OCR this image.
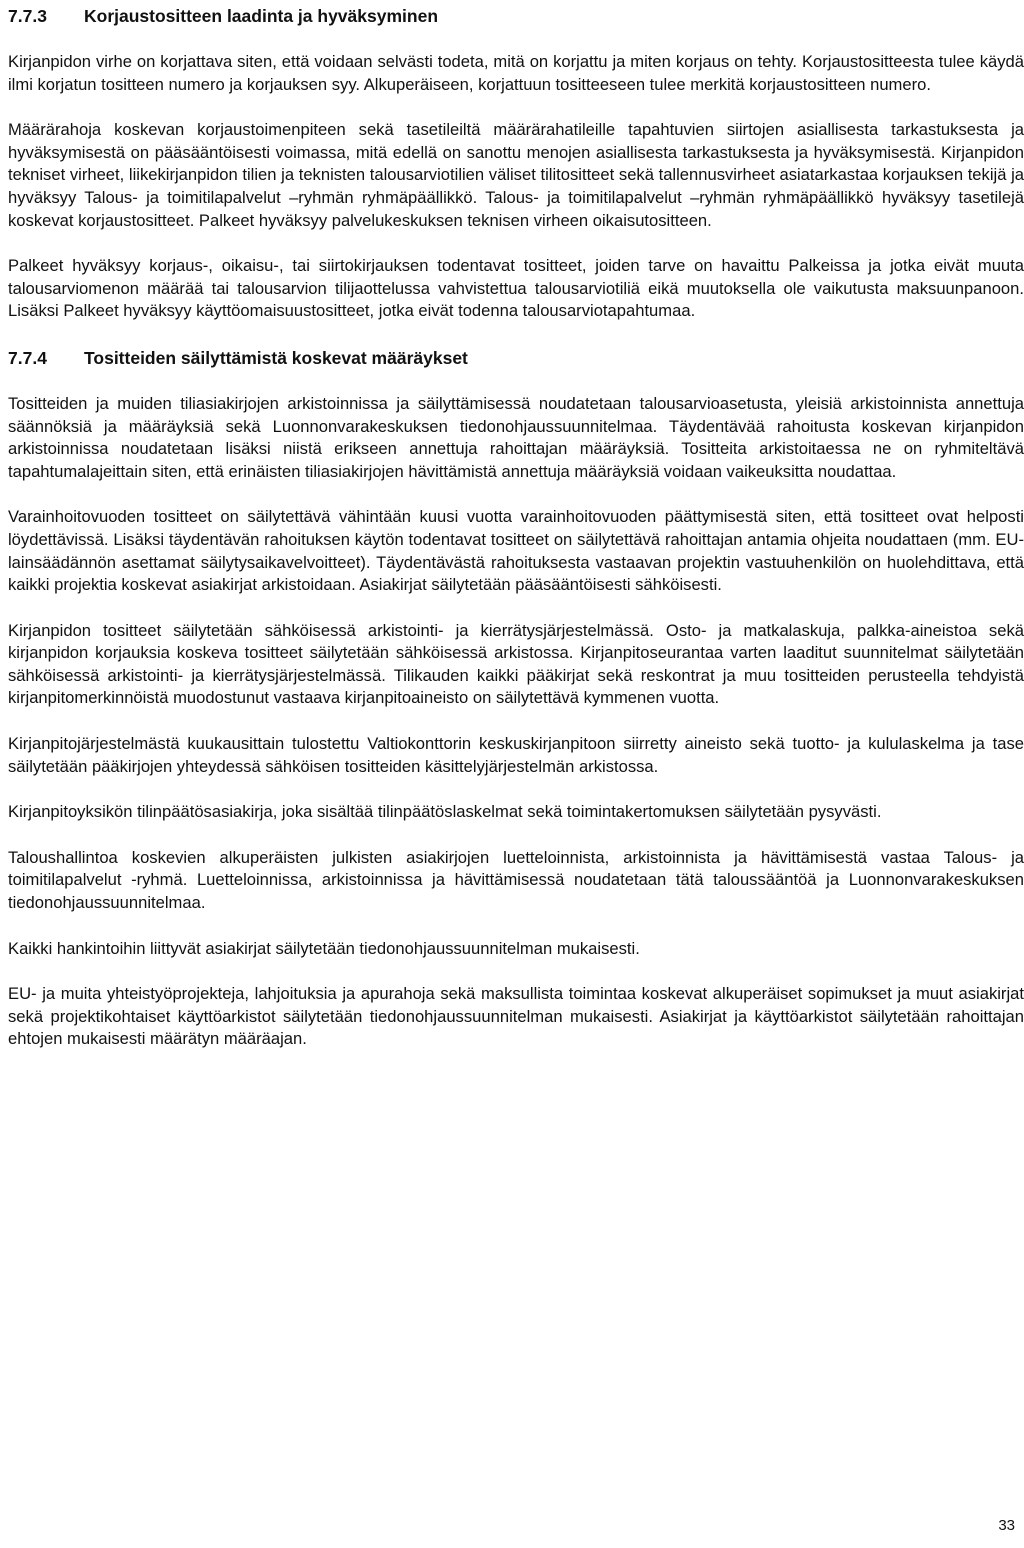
7.7.3	Korjaustositteen laadinta ja hyväksyminen

Kirjanpidon virhe on korjattava siten, että voidaan selvästi todeta, mitä on korjattu ja miten korjaus on tehty. Korjaustositteesta tulee käydä ilmi korjatun tositteen numero ja korjauksen syy. Alkuperäiseen, korjattuun tositteeseen tulee merkitä korjaustositteen numero.

Määrärahoja koskevan korjaustoimenpiteen sekä tasetileiltä määrärahatileille tapahtuvien siirtojen asiallisesta tarkastuksesta ja hyväksymisestä on pääsääntöisesti voimassa, mitä edellä on sanottu menojen asiallisesta tarkastuksesta ja hyväksymisestä. Kirjanpidon tekniset virheet, liikekirjanpidon tilien ja teknisten talousarviotilien väliset tilitositteet sekä tallennusvirheet asiatarkastaa korjauksen tekijä ja hyväksyy Talous- ja toimitilapalvelut –ryhmän ryhmäpäällikkö. Talous- ja toimitilapalvelut –ryhmän ryhmäpäällikkö hyväksyy tasetilejä koskevat korjaustositteet. Palkeet hyväksyy palvelukeskuksen teknisen virheen oikaisutositteen.

Palkeet hyväksyy korjaus-, oikaisu-, tai siirtokirjauksen todentavat tositteet, joiden tarve on havaittu Palkeissa ja jotka eivät muuta talousarviomenon määrää tai talousarvion tilijaottelussa vahvistettua talousarviotiliä eikä muutoksella ole vaikutusta maksuunpanoon. Lisäksi Palkeet hyväksyy käyttöomaisuustositteet, jotka eivät todenna talousarviotapahtumaa.

7.7.4	Tositteiden säilyttämistä koskevat määräykset

Tositteiden ja muiden tiliasiakirjojen arkistoinnissa ja säilyttämisessä noudatetaan talousarvioasetusta, yleisiä arkistoinnista annettuja säännöksiä ja määräyksiä sekä Luonnonvarakeskuksen tiedonohjaussuunnitelmaa. Täydentävää rahoitusta koskevan kirjanpidon arkistoinnissa noudatetaan lisäksi niistä erikseen annettuja rahoittajan määräyksiä. Tositteita arkistoitaessa ne on ryhmiteltävä tapahtumalajeittain siten, että erinäisten tiliasiakirjojen hävittämistä annettuja määräyksiä voidaan vaikeuksitta noudattaa.

Varainhoitovuoden tositteet on säilytettävä vähintään kuusi vuotta varainhoitovuoden päättymisestä siten, että tositteet ovat helposti löydettävissä. Lisäksi täydentävän rahoituksen käytön todentavat tositteet on säilytettävä rahoittajan antamia ohjeita noudattaen (mm. EU-lainsäädännön asettamat säilytysaikavelvoitteet). Täydentävästä rahoituksesta vastaavan projektin vastuuhenkilön on huolehdittava, että kaikki projektia koskevat asiakirjat arkistoidaan. Asiakirjat säilytetään pääsääntöisesti sähköisesti.

Kirjanpidon tositteet säilytetään sähköisessä arkistointi- ja kierrätysjärjestelmässä. Osto- ja matkalaskuja, palkka-aineistoa sekä kirjanpidon korjauksia koskeva tositteet säilytetään sähköisessä arkistossa. Kirjanpitoseurantaa varten laaditut suunnitelmat säilytetään sähköisessä arkistointi- ja kierrätysjärjestelmässä. Tilikauden kaikki pääkirjat sekä reskontrat ja muu tositteiden perusteella tehdyistä kirjanpitomerkinnöistä muodostunut vastaava kirjanpitoaineisto on säilytettävä kymmenen vuotta.

Kirjanpitojärjestelmästä kuukausittain tulostettu Valtiokonttorin keskuskirjanpitoon siirretty aineisto sekä tuotto- ja kululaskelma ja tase säilytetään pääkirjojen yhteydessä sähköisen tositteiden käsittelyjärjestelmän arkistossa.

Kirjanpitoyksikön tilinpäätösasiakirja, joka sisältää tilinpäätöslaskelmat sekä toimintakertomuksen säilytetään pysyvästi.

Taloushallintoa koskevien alkuperäisten julkisten asiakirjojen luetteloinnista, arkistoinnista ja hävittämisestä vastaa Talous- ja toimitilapalvelut -ryhmä. Luetteloinnissa, arkistoinnissa ja hävittämisessä noudatetaan tätä taloussääntöä ja Luonnonvarakeskuksen tiedonohjaussuunnitelmaa.

Kaikki hankintoihin liittyvät asiakirjat säilytetään tiedonohjaussuunnitelman mukaisesti.

EU- ja muita yhteistyöprojekteja, lahjoituksia ja apurahoja sekä maksullista toimintaa koskevat alkuperäiset sopimukset ja muut asiakirjat sekä projektikohtaiset käyttöarkistot säilytetään tiedonohjaussuunnitelman mukaisesti. Asiakirjat ja käyttöarkistot säilytetään rahoittajan ehtojen mukaisesti määrätyn määräajan.

33
